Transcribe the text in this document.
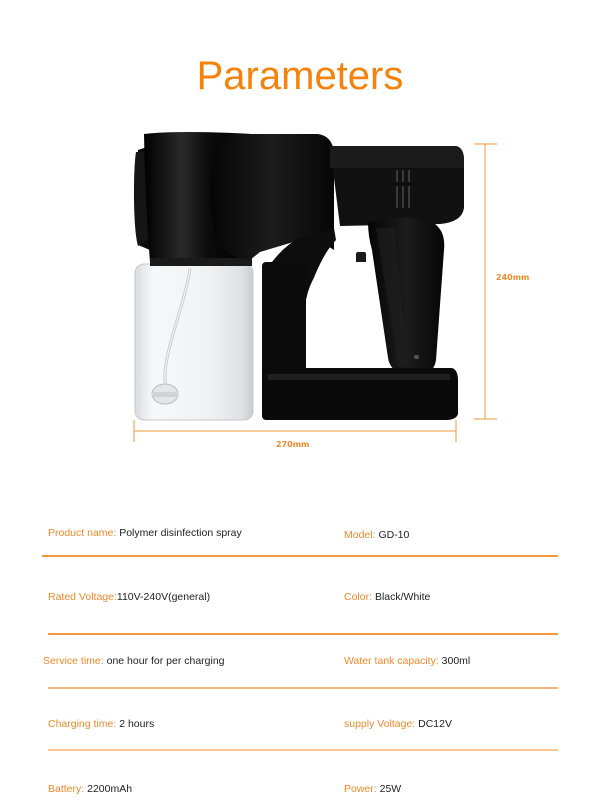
Parameters
240mm
270mm
Product name: Polymer disinfection spray	Model: GD-10
Rated Voltage:110V-240V(general)	Color: Black/White
Service time: one hour for per charging	Water tank capacity: 300ml
Charging time: 2 hours	supply Voltage: DC12V
Battery: 2200mAh	Power: 25W
